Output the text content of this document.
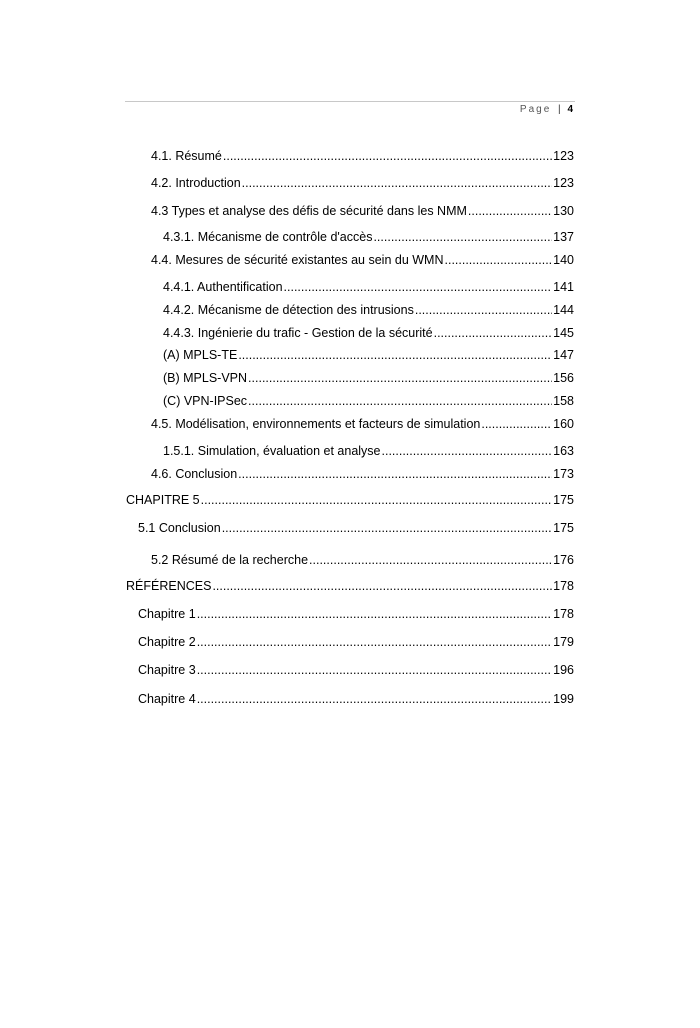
Page | 4
4.1. Résumé .....	123
4.2. Introduction .....	123
4.3 Types et analyse des défis de sécurité dans les NMM .....	130
4.3.1. Mécanisme de contrôle d'accès .....	137
4.4. Mesures de sécurité existantes au sein du WMN .....	140
4.4.1. Authentification .....	141
4.4.2. Mécanisme de détection des intrusions .....	144
4.4.3. Ingénierie du trafic - Gestion de la sécurité .....	145
(A) MPLS-TE .....	147
(B) MPLS-VPN .....	156
(C) VPN-IPSec .....	158
4.5. Modélisation, environnements et facteurs de simulation .....	160
1.5.1. Simulation, évaluation et analyse .....	163
4.6. Conclusion .....	173
CHAPITRE 5 .....	175
5.1 Conclusion .....	175
5.2 Résumé de la recherche .....	176
RÉFÉRENCES .....	178
Chapitre 1 .....	178
Chapitre 2 .....	179
Chapitre 3 .....	196
Chapitre 4 .....	199
